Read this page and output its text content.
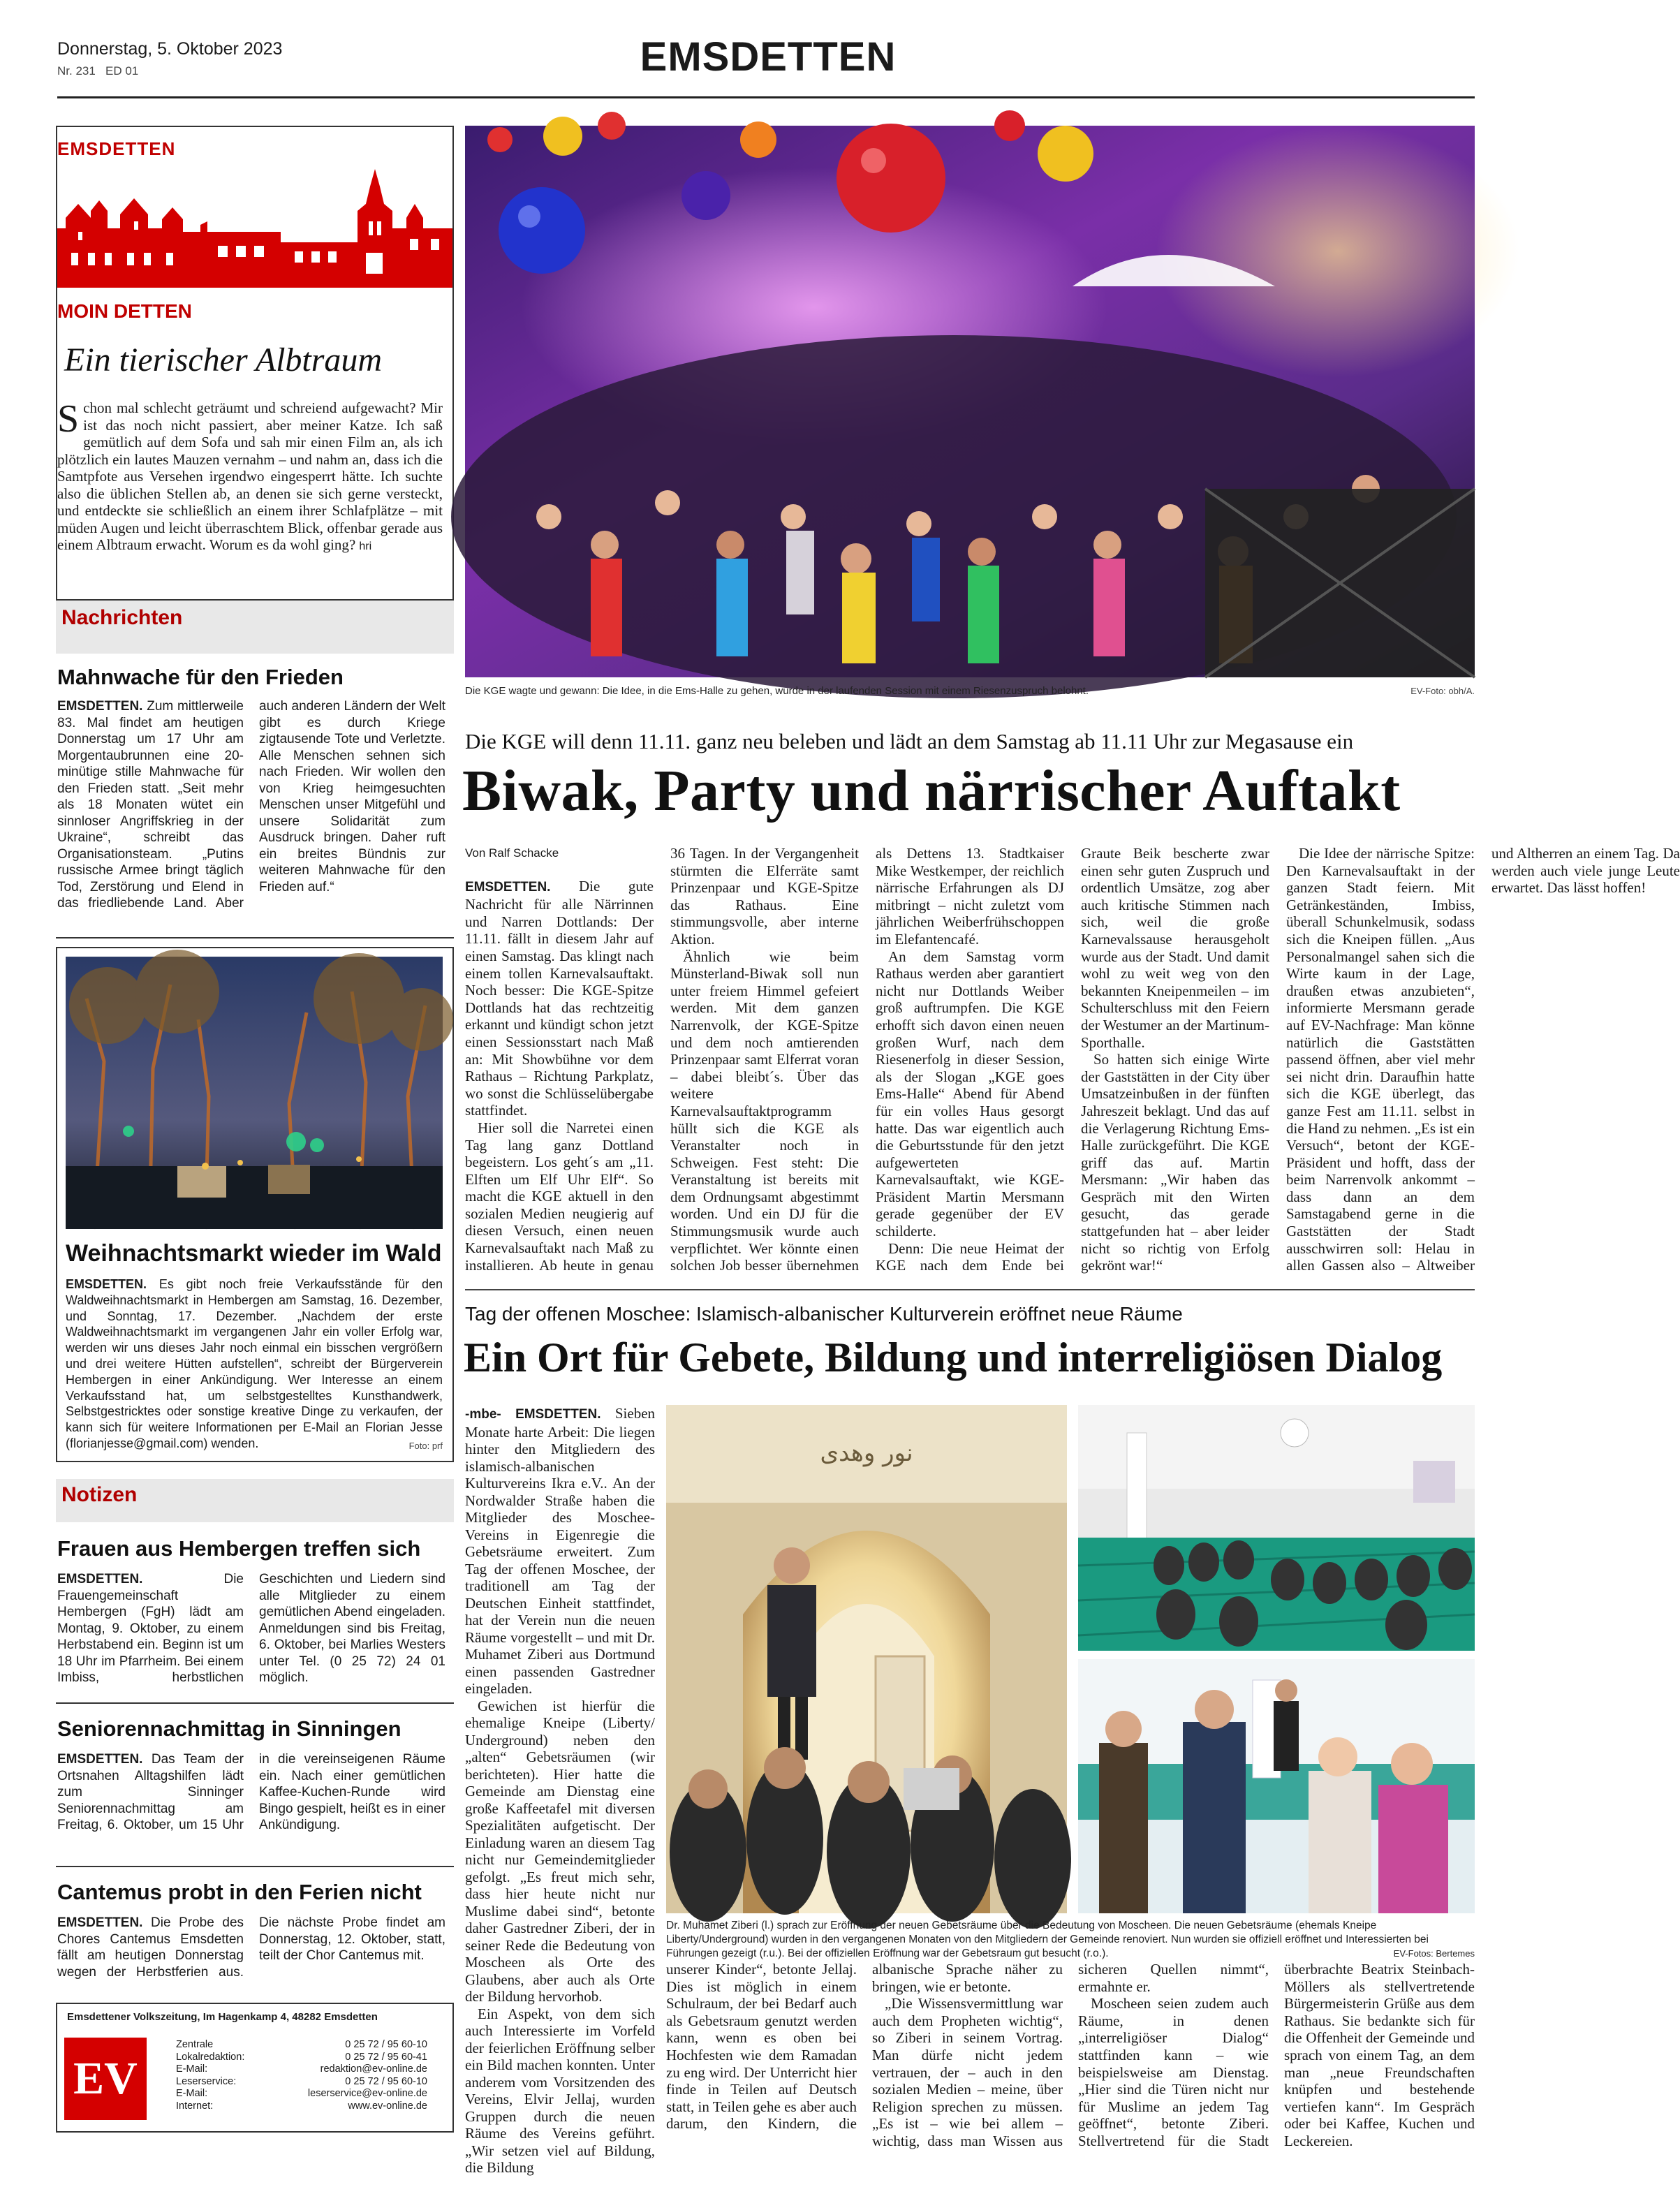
Donnerstag, 5. Oktober 2023
Nr. 231 ED 01	EMSDETTEN
EMSDETTEN
MOIN DETTEN
Ein tierischer Albtraum
Schon mal schlecht geträumt und schreiend aufgewacht? Mir ist das noch nicht passiert, aber meiner Katze. Ich saß gemütlich auf dem Sofa und sah mir einen Film an, als ich plötzlich ein lautes Mauzen vernahm – und nahm an, dass ich die Samtpfote aus Versehen irgendwo eingesperrt hätte. Ich suchte also die üblichen Stellen ab, an denen sie sich gerne versteckt, und entdeckte sie schließlich an einem ihrer Schlafplätze – mit müden Augen und leicht überraschtem Blick, offenbar gerade aus einem Albtraum erwacht. Worum es da wohl ging? hri
Nachrichten
Mahnwache für den Frieden
EMSDETTEN. Zum mittlerweile 83. Mal findet am heutigen Donnerstag um 17 Uhr am Morgentaubrunnen eine 20-minütige stille Mahnwache für den Frieden statt. „Seit mehr als 18 Monaten wütet ein sinnloser Angriffskrieg in der Ukraine“, schreibt das Organisationsteam. „Putins russische Armee bringt täglich Tod, Zerstörung und Elend in das friedliebende Land. Aber auch anderen Ländern der Welt gibt es durch Kriege zigtausende Tote und Verletzte. Alle Menschen sehnen sich nach Frieden. Wir wollen den von Krieg heimgesuchten Menschen unser Mitgefühl und unsere Solidarität zum Ausdruck bringen. Daher ruft ein breites Bündnis zur weiteren Mahnwache für den Frieden auf.“
Weihnachtsmarkt wieder im Wald
EMSDETTEN. Es gibt noch freie Verkaufsstände für den Waldweihnachtsmarkt in Hembergen am Samstag, 16. Dezember, und Sonntag, 17. Dezember. „Nachdem der erste Waldweihnachtsmarkt im vergangenen Jahr ein voller Erfolg war, werden wir uns dieses Jahr noch einmal ein bisschen vergrößern und drei weitere Hütten aufstellen“, schreibt der Bürgerverein Hembergen in einer Ankündigung. Wer Interesse an einem Verkaufsstand hat, um selbstgestelltes Kunsthandwerk, Selbstgestricktes oder sonstige kreative Dinge zu verkaufen, der kann sich für weitere Informationen per E-Mail an Florian Jesse (florianjesse@gmail.com) wenden.	Foto: prf
Notizen
Frauen aus Hembergen treffen sich
EMSDETTEN.	Die Frauengemeinschaft Hembergen (FgH) lädt am Montag, 9. Oktober, zu einem Herbstabend ein. Beginn ist um 18 Uhr im Pfarrheim. Bei einem Imbiss, herbstlichen Geschichten und Liedern sind alle Mitglieder zu einem gemütlichen Abend eingeladen. Anmeldungen sind bis Freitag, 6. Oktober, bei Marlies Westers unter Tel. (0 25 72) 24 01 möglich.
Seniorennachmittag in Sinningen
EMSDETTEN. Das Team der Ortsnahen Alltagshilfen lädt zum Sinninger Seniorennachmittag am Freitag, 6. Oktober, um 15 Uhr in die vereinseigenen Räume ein. Nach einer gemütlichen Kaffee-Kuchen-Runde wird Bingo gespielt, heißt es in einer Ankündigung.
Cantemus probt in den Ferien nicht
EMSDETTEN. Die Probe des Chores Cantemus Emsdetten fällt am heutigen Donnerstag wegen der Herbstferien aus. Die nächste Probe findet am Donnerstag, 12. Oktober, statt, teilt der Chor Cantemus mit.
Emsdettener Volkszeitung, Im Hagenkamp 4, 48282 Emsdetten
EV
Zentrale	0 25 72 / 95 60-10
Lokalredaktion:	0 25 72 / 95 60-41
E-Mail:	redaktion@ev-online.de
Leserservice:	0 25 72 / 95 60-10
E-Mail:	leserservice@ev-online.de
Internet:	www.ev-online.de
Die KGE wagte und gewann: Die Idee, in die Ems-Halle zu gehen, wurde in der laufenden Session mit einem Riesenzuspruch belohnt.	EV-Foto: obh/A.
Die KGE will denn 11.11. ganz neu beleben und lädt an dem Samstag ab 11.11 Uhr zur Megasause ein
Biwak, Party und närrischer Auftakt
Von Ralf Schacke

EMSDETTEN. Die gute Nachricht für alle Närrinnen und Narren Dottlands: Der 11.11. fällt in diesem Jahr auf einen Samstag. Das klingt nach einem tollen Karnevalsauftakt. Noch besser: Die KGE-Spitze Dottlands hat das rechtzeitig erkannt und kündigt schon jetzt einen Sessionsstart nach Maß an: Mit Showbühne vor dem Rathaus – Richtung Parkplatz, wo sonst die Schlüsselübergabe stattfindet.

Hier soll die Narretei einen Tag lang ganz Dottland begeistern. Los geht´s am „11. Elften um Elf Uhr Elf“. So macht die KGE aktuell in den sozialen Medien neugierig auf diesen Versuch, einen neuen Karnevalsauftakt nach Maß zu installieren. Ab heute in genau 36 Tagen. In der Vergangenheit stürmten die Elferräte samt Prinzenpaar und KGE-Spitze das Rathaus. Eine stimmungsvolle, aber interne Aktion.

Ähnlich wie beim Münsterland-Biwak soll nun unter freiem Himmel gefeiert werden. Mit dem ganzen Narrenvolk, der KGE-Spitze und dem noch amtierenden Prinzenpaar samt Elferrat voran – dabei bleibt´s. Über das weitere Karnevalsauftaktprogramm hüllt sich die KGE als Veranstalter noch in Schweigen. Fest steht: Die Veranstaltung ist bereits mit dem Ordnungsamt abgestimmt worden. Und ein DJ für die Stimmungsmusik wurde auch verpflichtet. Wer könnte einen solchen Job besser übernehmen als Dettens 13. Stadtkaiser Mike Westkemper, der reichlich närrische Erfahrungen als DJ mitbringt – nicht zuletzt vom jährlichen Weiberfrühschoppen im Elefantencafé.

An dem Samstag vorm Rathaus werden aber garantiert nicht nur Dottlands Weiber groß auftrumpfen. Die KGE erhofft sich davon einen neuen großen Wurf, nach dem Riesenerfolg in dieser Session, als der Slogan „KGE goes Ems-Halle“ Abend für Abend für ein volles Haus gesorgt hatte. Das war eigentlich auch die Geburtsstunde für den jetzt aufgewerteten Karnevalsauftakt, wie KGE-Präsident Martin Mersmann gerade gegenüber der EV schilderte.

Denn: Die neue Heimat der KGE nach dem Ende bei Graute Beik bescherte zwar einen sehr guten Zuspruch und ordentlich Umsätze, zog aber auch kritische Stimmen nach sich, weil die große Karnevalssause herausgeholt wurde aus der Stadt. Und damit wohl zu weit weg von den bekannten Kneipenmeilen – im Schulterschluss mit den Feiern der Westumer an der Martinum-Sporthalle.

So hatten sich einige Wirte der Gaststätten in der City über Umsatzeinbußen in der fünften Jahreszeit beklagt. Und das auf die Verlagerung Richtung Ems-Halle zurückgeführt. Die KGE griff das auf. Martin Mersmann: „Wir haben das Gespräch mit den Wirten gesucht, das gerade stattgefunden hat – aber leider nicht so richtig von Erfolg gekrönt war!“

Die Idee der närrische Spitze: Den Karnevalsauftakt in der ganzen Stadt feiern. Mit Getränkeständen, Imbiss, überall Schunkelmusik, sodass sich die Kneipen füllen. „Aus Personalmangel sahen sich die Wirte kaum in der Lage, draußen etwas anzubieten“, informierte Mersmann gerade auf EV-Nachfrage: Man könne natürlich die Gaststätten passend öffnen, aber viel mehr sei nicht drin. Daraufhin hatte sich die KGE überlegt, das ganze Fest am 11.11. selbst in die Hand zu nehmen. „Es ist ein Versuch“, betont der KGE-Präsident und hofft, dass der beim Narrenvolk ankommt – dass dann an dem Samstagabend gerne in die Gaststätten der Stadt ausschwirren soll: Helau in allen Gassen also – Altweiber und Altherren an einem Tag. Da werden auch viele junge Leute erwartet. Das lässt hoffen!

Tag der offenen Moschee: Islamisch-albanischer Kulturverein eröffnet neue Räume
Ein Ort für Gebete, Bildung und interreligiösen Dialog

-mbe- EMSDETTEN. Sieben Monate harte Arbeit: Die liegen hinter den Mitgliedern des islamisch-albanischen Kulturvereins Ikra e.V.. An der Nordwalder Straße haben die Mitglieder des Moschee-Vereins in Eigenregie die Gebetsräume erweitert. Zum Tag der offenen Moschee, der traditionell am Tag der Deutschen Einheit stattfindet, hat der Verein nun die neuen Räume vorgestellt – und mit Dr. Muhamet Ziberi aus Dortmund einen passenden Gastredner eingeladen.

Gewichen ist hierfür die ehemalige Kneipe (Liberty/ Underground) neben den „alten“ Gebetsräumen (wir berichteten). Hier hatte die Gemeinde am Dienstag eine große Kaffeetafel mit diversen Spezialitäten aufgetischt. Der Einladung waren an diesem Tag nicht nur Gemeindemitglieder gefolgt. „Es freut mich sehr, dass hier heute nicht nur Muslime dabei sind“, betonte daher Gastredner Ziberi, der in seiner Rede die Bedeutung von Moscheen als Orte des Glaubens, aber auch als Orte der Bildung hervorhob.

Ein Aspekt, von dem sich auch Interessierte im Vorfeld der feierlichen Eröffnung selber ein Bild machen konnten. Unter anderem vom Vorsitzenden des Vereins, Elvir Jellaj, wurden Gruppen durch die neuen Räume des Vereins geführt. „Wir setzen viel auf Bildung, die Bildung

نور وهدى
Dr. Muhamet Ziberi (l.) sprach zur Eröffnung der neuen Gebetsräume über die Bedeutung von Moscheen. Die neuen Gebetsräume (ehemals Kneipe Liberty/Underground) wurden in den vergangenen Monaten von den Mitgliedern der Gemeinde renoviert. Nun wurden sie offiziell eröffnet und Interessierten bei Führungen gezeigt (r.u.). Bei der offiziellen Eröffnung war der Gebetsraum gut besucht (r.o.).	EV-Fotos: Bertemes

unserer Kinder“, betonte Jellaj. Dies ist möglich in einem Schulraum, der bei Bedarf auch als Gebetsraum genutzt werden kann, wenn es oben bei Hochfesten wie dem Ramadan zu eng wird. Der Unterricht hier finde in Teilen auf Deutsch statt, in Teilen gehe es aber auch darum, den Kindern, die albanische Sprache näher zu bringen, wie er betonte.

„Die Wissensvermittlung war auch dem Propheten wichtig“, so Ziberi in seinem Vortrag. Man dürfe nicht jedem vertrauen, der – auch in den sozialen Medien – meine, über Religion sprechen zu müssen. „Es ist – wie bei allem – wichtig, dass man Wissen aus sicheren Quellen nimmt“, ermahnte er.

Moscheen seien zudem auch Räume, in denen „interreligiöser Dialog“ stattfinden kann – wie beispielsweise am Dienstag. „Hier sind die Türen nicht nur für Muslime an jedem Tag geöffnet“, betonte Ziberi. Stellvertretend für die Stadt überbrachte Beatrix Steinbach-Möllers als stellvertretende Bürgermeisterin Grüße aus dem Rathaus. Sie bedankte sich für die Offenheit der Gemeinde und sprach von einem Tag, an dem man „neue Freundschaften knüpfen und bestehende vertiefen kann“. Im Gespräch oder bei Kaffee, Kuchen und Leckereien.
